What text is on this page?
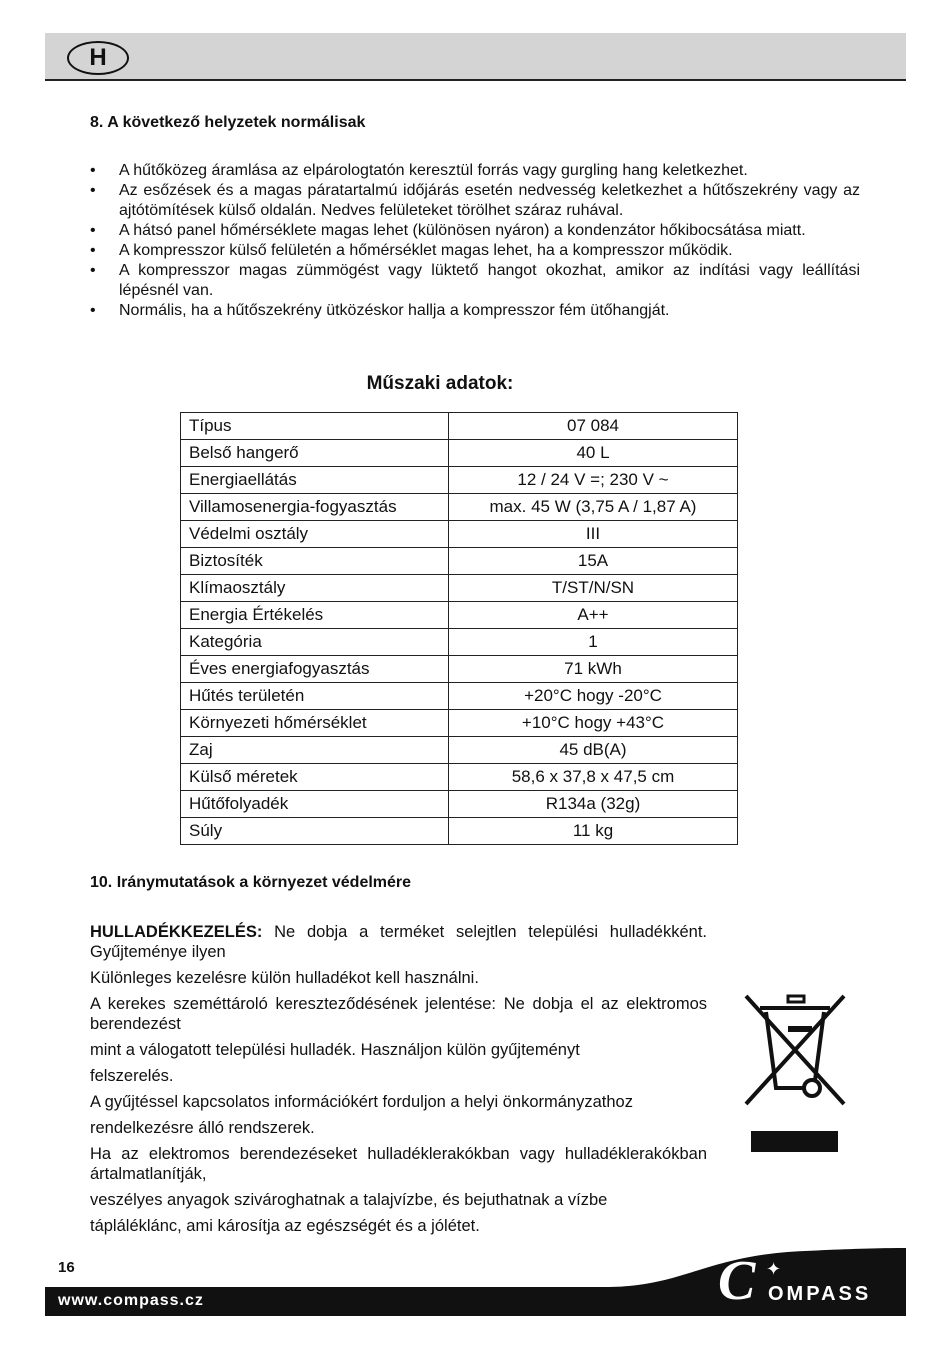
H
8. A következő helyzetek normálisak
• A hűtőközeg áramlása az elpárologtatón keresztül forrás vagy gurgling hang keletkezhet.
• Az esőzések és a magas páratartalmú időjárás esetén nedvesség keletkezhet a hűtőszekrény vagy az ajtótömítések külső oldalán. Nedves felületeket törölhet száraz ruhával.
• A hátsó panel hőmérséklete magas lehet (különösen nyáron) a kondenzátor hőkibocsátása miatt.
• A kompresszor külső felületén a hőmérséklet magas lehet, ha a kompresszor működik.
• A kompresszor magas zümmögést vagy lüktető hangot okozhat, amikor az indítási vagy leállítási lépésnél van.
• Normális, ha a hűtőszekrény ütközéskor hallja a kompresszor fém ütőhangját.
Műszaki adatok:
Típus	07 084
Belső hangerő	40 L
Energiaellátás	12 / 24 V =; 230 V ~
Villamosenergia-fogyasztás	max. 45 W (3,75 A / 1,87 A)
Védelmi osztály	III
Biztosíték	15A
Klímaosztály	T/ST/N/SN
Energia Értékelés	A++
Kategória	1
Éves energiafogyasztás	71 kWh
Hűtés területén	+20°C hogy -20°C
Környezeti hőmérséklet	+10°C hogy +43°C
Zaj	45 dB(A)
Külső méretek	58,6 x 37,8 x 47,5 cm
Hűtőfolyadék	R134a (32g)
Súly	11 kg
10. Iránymutatások a környezet védelmére

HULLADÉKKEZELÉS: Ne dobja a terméket selejtlen települési hulladékként. Gyűjteménye ilyen

Különleges kezelésre külön hulladékot kell használni.

A kerekes szeméttároló kereszteződésének jelentése: Ne dobja el az elektromos berendezést

mint a válogatott települési hulladék. Használjon külön gyűjteményt

felszerelés.

A gyűjtéssel kapcsolatos információkért forduljon a helyi önkormányzathoz

rendelkezésre álló rendszerek.

Ha az elektromos berendezéseket hulladéklerakókban vagy hulladéklerakókban ártalmatlanítják,

veszélyes anyagok szivároghatnak a talajvízbe, és bejuthatnak a vízbe

tápláléklánc, ami károsítja az egészségét és a jólétet.

16
www.compass.cz	C ✦
OMPASS
